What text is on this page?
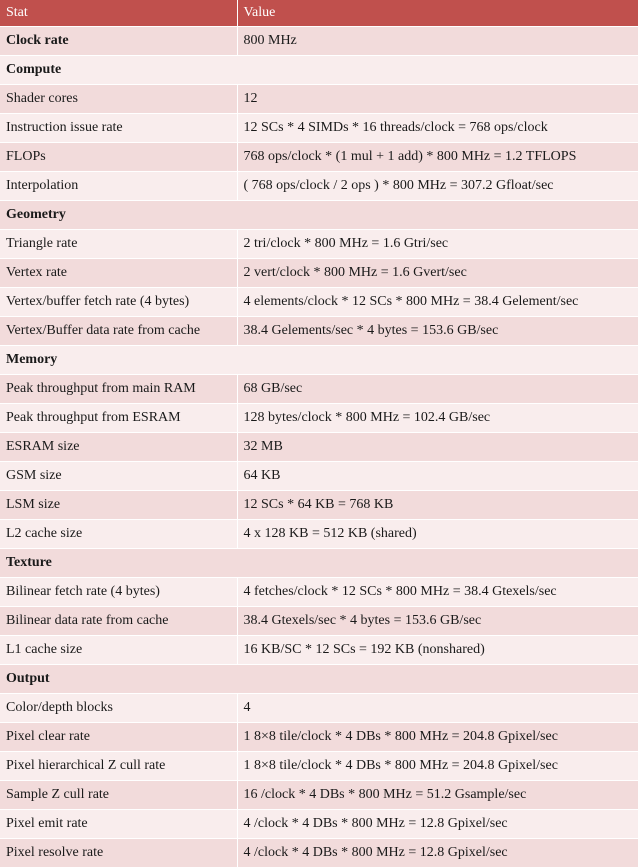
Stat	Value
Clock rate	800 MHz
Compute	
Shader cores	12
Instruction issue rate	12 SCs * 4 SIMDs * 16 threads/clock = 768 ops/clock
FLOPs	768 ops/clock * (1 mul + 1 add) * 800 MHz = 1.2 TFLOPS
Interpolation	( 768 ops/clock / 2 ops ) * 800 MHz = 307.2 Gfloat/sec
Geometry	
Triangle rate	2 tri/clock * 800 MHz = 1.6 Gtri/sec
Vertex rate	2 vert/clock * 800 MHz = 1.6 Gvert/sec
Vertex/buffer fetch rate (4 bytes)	4 elements/clock * 12 SCs * 800 MHz = 38.4 Gelement/sec
Vertex/Buffer data rate from cache	38.4 Gelements/sec * 4 bytes = 153.6 GB/sec
Memory	
Peak throughput from main RAM	68 GB/sec
Peak throughput from ESRAM	128 bytes/clock * 800 MHz = 102.4 GB/sec
ESRAM size	32 MB
GSM size	64 KB
LSM size	12 SCs * 64 KB = 768 KB
L2 cache size	4 x 128 KB = 512 KB (shared)
Texture	
Bilinear fetch rate (4 bytes)	4 fetches/clock * 12 SCs * 800 MHz = 38.4 Gtexels/sec
Bilinear data rate from cache	38.4 Gtexels/sec * 4 bytes = 153.6 GB/sec
L1 cache size	16 KB/SC * 12 SCs = 192 KB (nonshared)
Output	
Color/depth blocks	4
Pixel clear rate	1 8×8 tile/clock * 4 DBs * 800 MHz = 204.8 Gpixel/sec
Pixel hierarchical Z cull rate	1 8×8 tile/clock * 4 DBs * 800 MHz = 204.8 Gpixel/sec
Sample Z cull rate	16 /clock * 4 DBs * 800 MHz = 51.2 Gsample/sec
Pixel emit rate	4 /clock * 4 DBs * 800 MHz = 12.8 Gpixel/sec
Pixel resolve rate	4 /clock * 4 DBs * 800 MHz = 12.8 Gpixel/sec
